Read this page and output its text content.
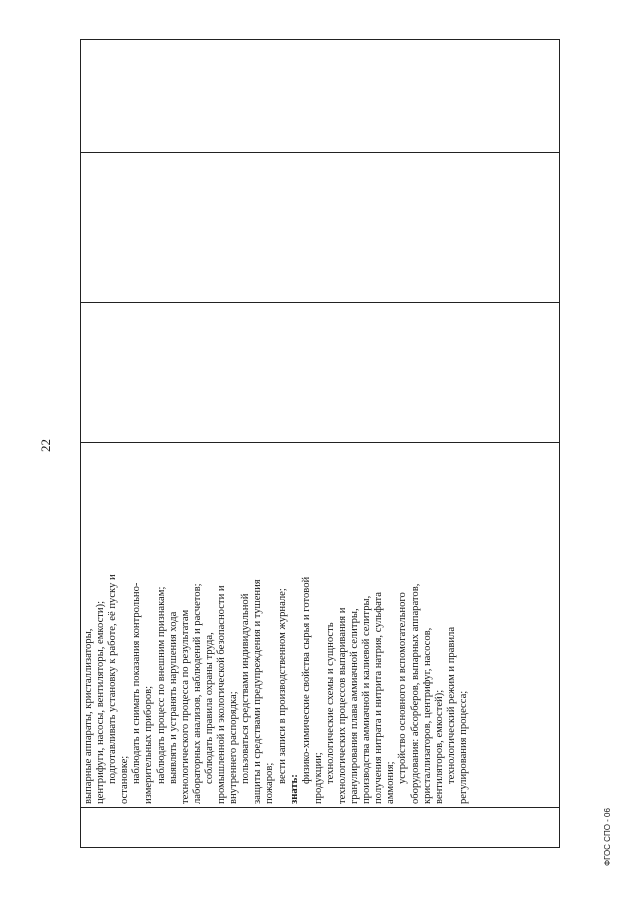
22

выпарные аппараты, кристаллизаторы, центрифуги, насосы, вентиляторы, емкости); подготавливать установку к работе, её пуску и остановке; наблюдать и снимать показания контрольно- измерительных приборов; наблюдать процесс по внешним признакам; выявлять и устранять нарушения хода технологического процесса по результатам лабораторных анализов, наблюдений и расчетов; соблюдать правила охраны труда, промышленной и экологической безопасности и внутреннего распорядка; пользоваться средствами индивидуальной защиты и средствами предупреждения и тушения пожаров; вести записи в производственном журнале;
знать:
физико-химические свойства сырья и готовой продукции; технологические схемы и сущность технологических процессов выпаривания и гранулирования плава аммиачной селитры, производства аммиачной и калиевой селитры, получения нитрата и нитрита натрия, сульфата аммония; устройство основного и вспомогательного оборудования: абсорберов, выпарных аппаратов, кристаллизаторов, центрифуг, насосов, вентиляторов, емкостей); технологический режим и правила регулирования процесса;

ФГОС СПО - 06
